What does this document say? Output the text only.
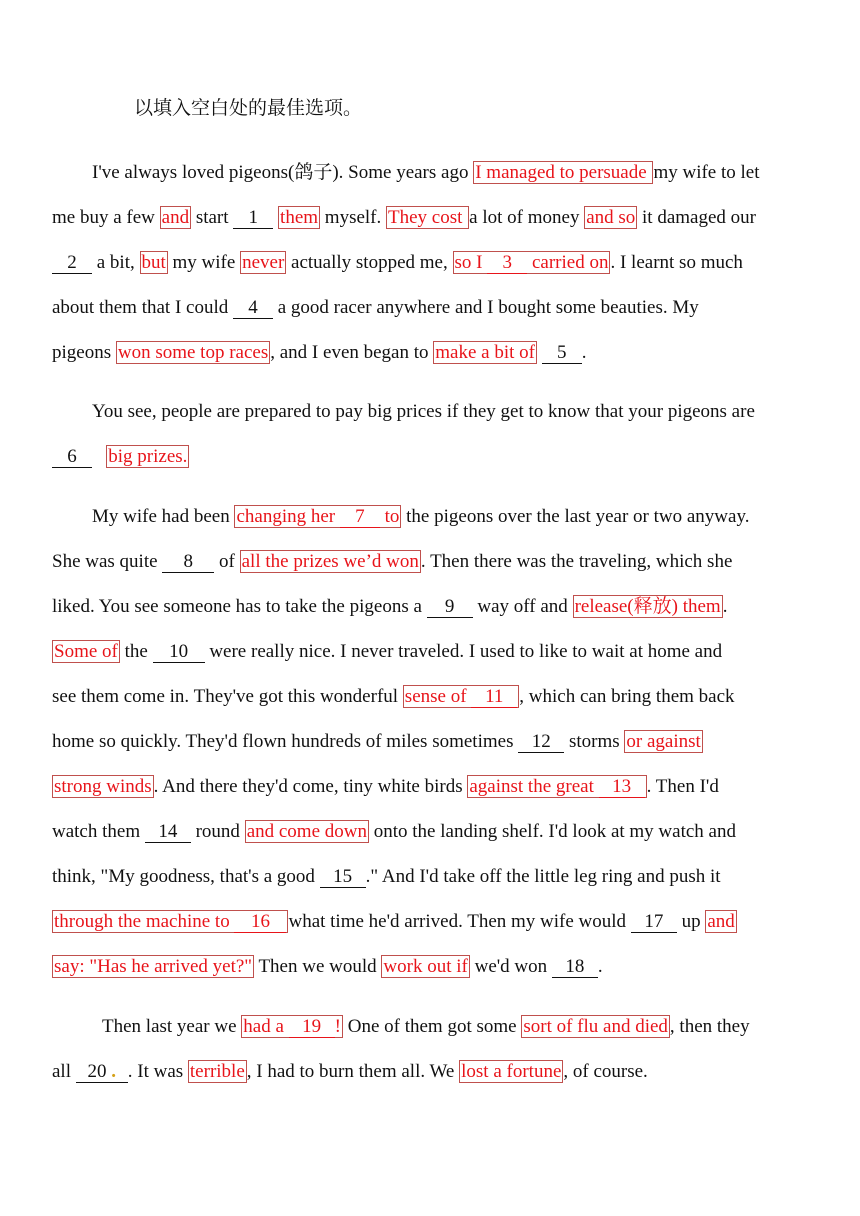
以填入空白处的最佳选项。
I've always loved pigeons(鸽子). Some years ago I managed to persuade my wife to let
me buy a few and start 1 them myself. They cost a lot of money and so it damaged our
2 a bit, but my wife never actually stopped me, so I 3 carried on . I learnt so much
about them that I could 4 a good racer anywhere and I bought some beauties. My
pigeons won some top races , and I even began to make a bit of 5 .
You see, people are prepared to pay big prices if they get to know that your pigeons are
6 big prizes.
My wife had been changing her 7 to the pigeons over the last year or two anyway.
She was quite 8 of all the prizes we’d won . Then there was the traveling, which she
liked. You see someone has to take the pigeons a 9 way off and release(释放) them .
Some of the 10 were really nice. I never traveled. I used to like to wait at home and
see them come in. They've got this wonderful sense of 11 , which can bring them back
home so quickly. They'd flown hundreds of miles sometimes 12 storms or against
strong winds . And there they'd come, tiny white birds against the great 13 . Then I'd
watch them 14 round and come down onto the landing shelf. I'd look at my watch and
think, "My goodness, that's a good 15 ." And I'd take off the little leg ring and push it
through the machine to 16 what time he'd arrived. Then my wife would 17 up and
say: "Has he arrived yet?" Then we would work out if we'd won 18 .
Then last year we had a 19 ! One of them got some sort of flu and died , then they
all 20 . . It was terrible , I had to burn them all. We lost a fortune , of course.
